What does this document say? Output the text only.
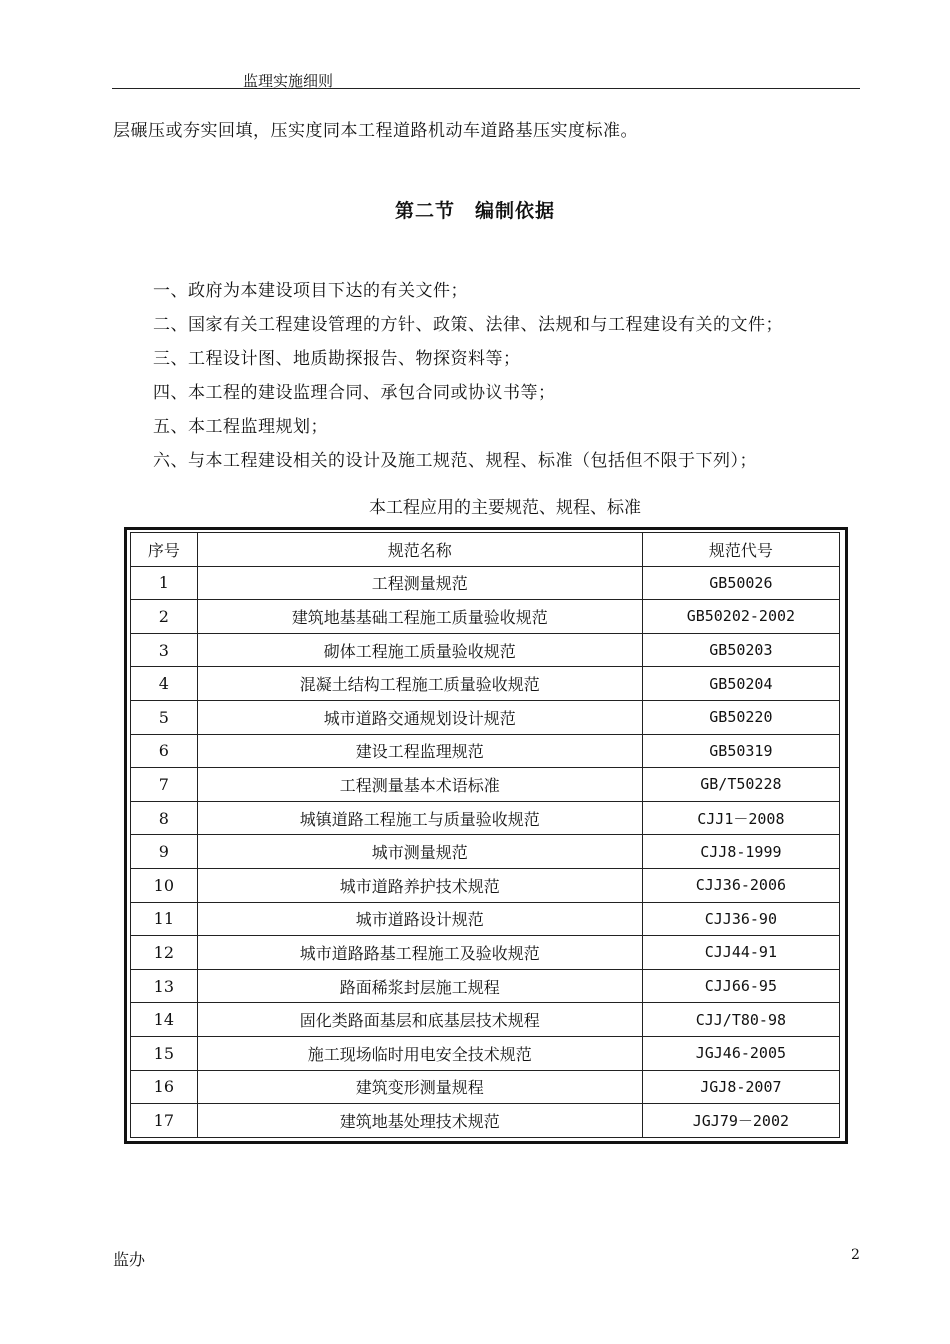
监理实施细则
层碾压或夯实回填，压实度同本工程道路机动车道路基压实度标准。
第二节　编制依据
一、政府为本建设项目下达的有关文件；
二、国家有关工程建设管理的方针、政策、法律、法规和与工程建设有关的文件；
三、工程设计图、地质勘探报告、物探资料等；
四、本工程的建设监理合同、承包合同或协议书等；
五、本工程监理规划；
六、与本工程建设相关的设计及施工规范、规程、标准（包括但不限于下列）；
本工程应用的主要规范、规程、标准
序号	规范名称	规范代号
1	工程测量规范	GB50026
2	建筑地基基础工程施工质量验收规范	GB50202-2002
3	砌体工程施工质量验收规范	GB50203
4	混凝土结构工程施工质量验收规范	GB50204
5	城市道路交通规划设计规范	GB50220
6	建设工程监理规范	GB50319
7	工程测量基本术语标准	GB/T50228
8	城镇道路工程施工与质量验收规范	CJJ1－2008
9	城市测量规范	CJJ8-1999
10	城市道路养护技术规范	CJJ36-2006
11	城市道路设计规范	CJJ36-90
12	城市道路路基工程施工及验收规范	CJJ44-91
13	路面稀浆封层施工规程	CJJ66-95
14	固化类路面基层和底基层技术规程	CJJ/T80-98
15	施工现场临时用电安全技术规范	JGJ46-2005
16	建筑变形测量规程	JGJ8-2007
17	建筑地基处理技术规范	JGJ79－2002
监办	2
